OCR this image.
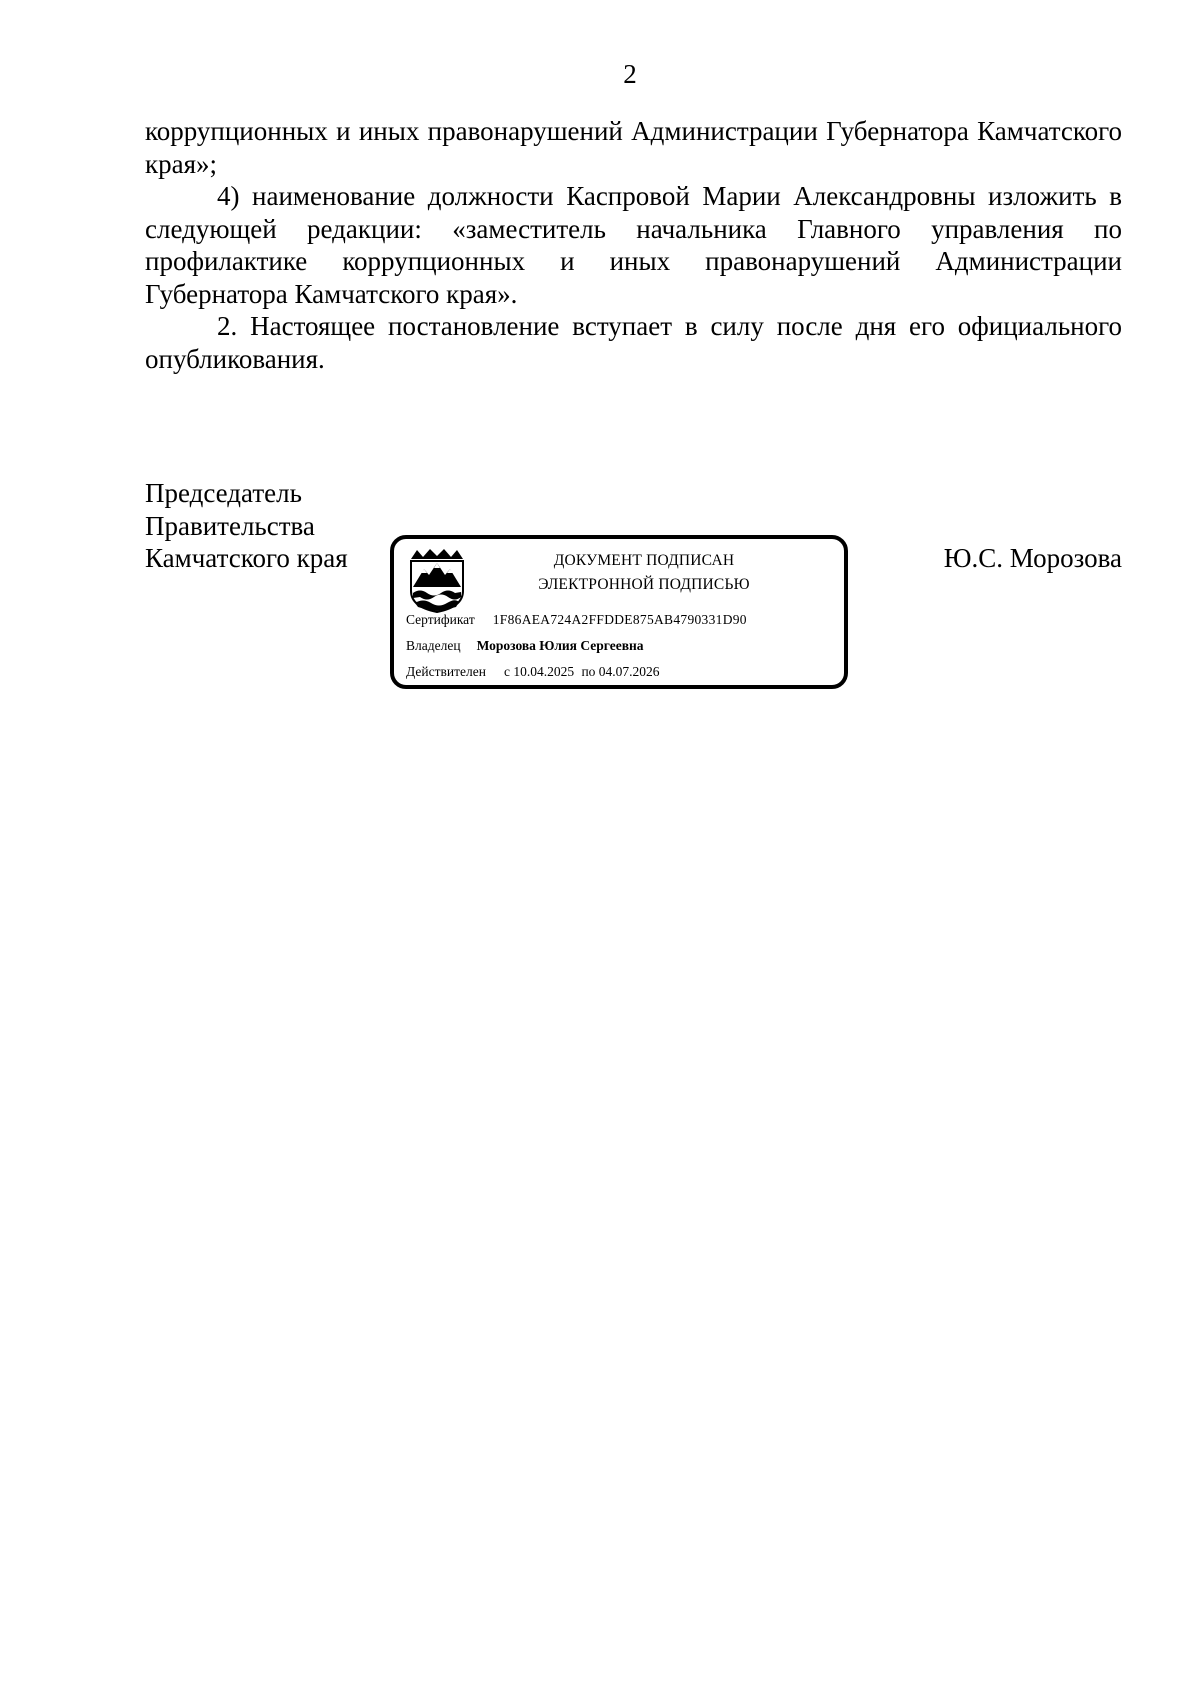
2

коррупционных и иных правонарушений Администрации Губернатора Камчатского края»;

4) наименование должности Каспровой Марии Александровны изложить в следующей редакции: «заместитель начальника Главного управления по профилактике коррупционных и иных правонарушений Администрации Губернатора Камчатского края».

2. Настоящее постановление вступает в силу после дня его официального опубликования.

Председатель
Правительства
Камчатского края	ДОКУМЕНТ ПОДПИСАН
ЭЛЕКТРОННОЙ ПОДПИСЬЮ
Сертификат 1F86AEA724A2FFDDE875AB4790331D90
Владелец Морозова Юлия Сергеевна
Действителен с 10.04.2025 по 04.07.2026
Ю.С. Морозова
